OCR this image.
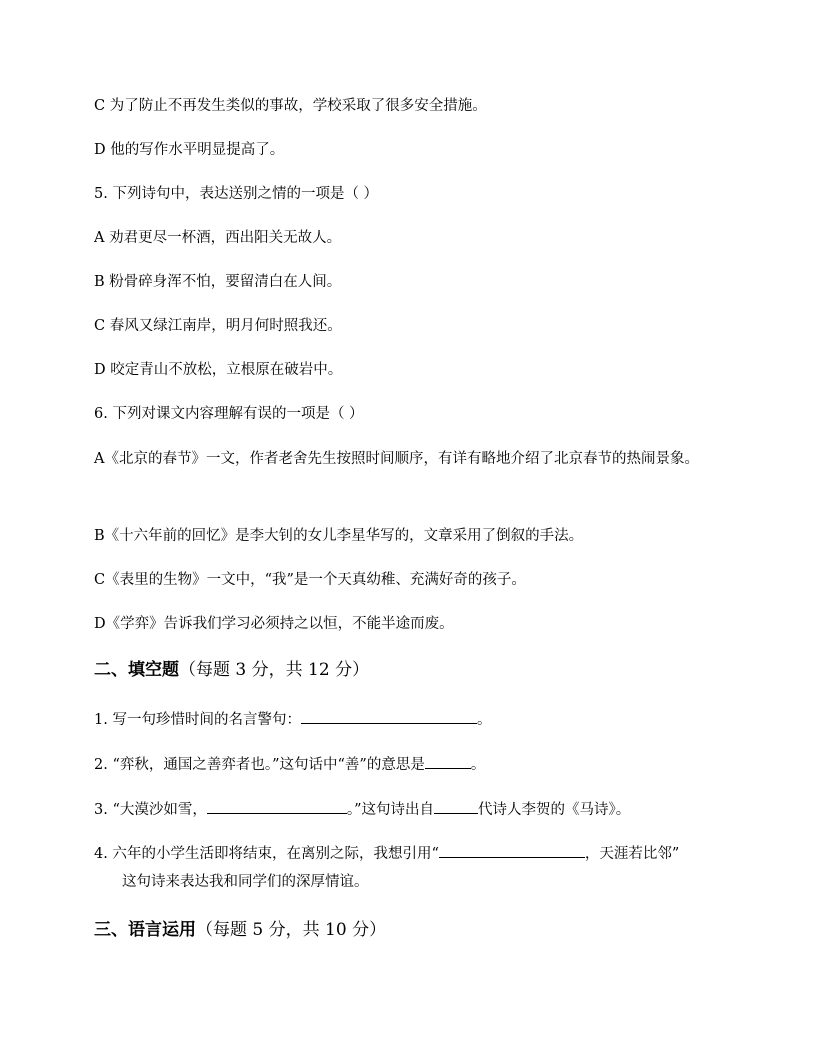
C 为了防止不再发生类似的事故，学校采取了很多安全措施。
D 他的写作水平明显提高了。
5. 下列诗句中，表达送别之情的一项是（ ）
A 劝君更尽一杯酒，西出阳关无故人。
B 粉骨碎身浑不怕，要留清白在人间。
C 春风又绿江南岸，明月何时照我还。
D 咬定青山不放松，立根原在破岩中。
6. 下列对课文内容理解有误的一项是（ ）
A《北京的春节》一文，作者老舍先生按照时间顺序，有详有略地介绍了北京春节的热闹景象。
B《十六年前的回忆》是李大钊的女儿李星华写的，文章采用了倒叙的手法。
C《表里的生物》一文中，“我”是一个天真幼稚、充满好奇的孩子。
D《学弈》告诉我们学习必须持之以恒，不能半途而废。
二、填空题（每题 3 分，共 12 分）
1. 写一句珍惜时间的名言警句：	。
2. “弈秋，通国之善弈者也。”这句话中“善”的意思是	。
3. “大漠沙如雪，	。”这句诗出自	代诗人李贺的《马诗》。
4. 六年的小学生活即将结束，在离别之际，我想引用“	，天涯若比邻”
这句诗来表达我和同学们的深厚情谊。
三、语言运用（每题 5 分，共 10 分）
